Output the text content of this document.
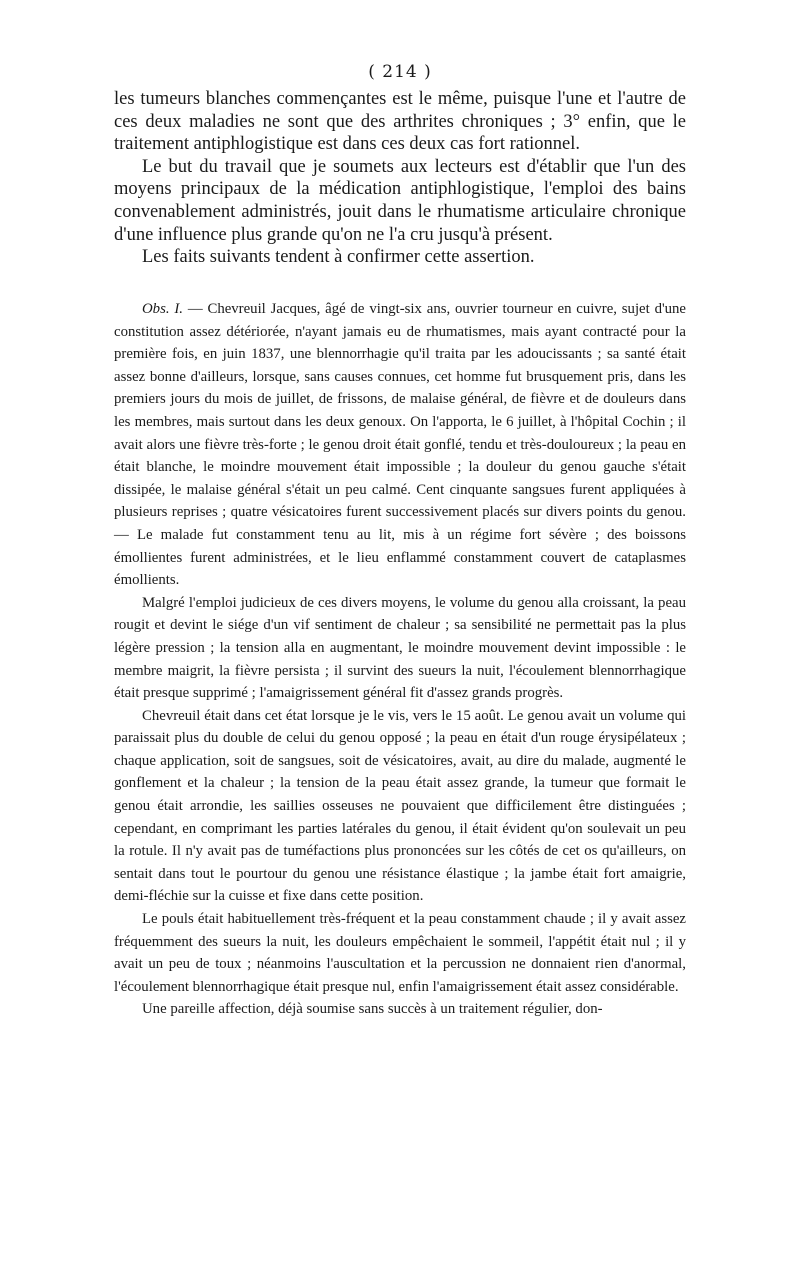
( 214 )

les tumeurs blanches commençantes est le même, puisque l'une et l'autre de ces deux maladies ne sont que des arthrites chroniques ; 3° enfin, que le traitement antiphlogistique est dans ces deux cas fort rationnel.

Le but du travail que je soumets aux lecteurs est d'établir que l'un des moyens principaux de la médication antiphlogistique, l'emploi des bains convenablement administrés, jouit dans le rhumatisme articulaire chronique d'une influence plus grande qu'on ne l'a cru jusqu'à présent.

Les faits suivants tendent à confirmer cette assertion.

Obs. I. — Chevreuil Jacques, âgé de vingt-six ans, ouvrier tourneur en cuivre, sujet d'une constitution assez détériorée, n'ayant jamais eu de rhumatismes, mais ayant contracté pour la première fois, en juin 1837, une blennorrhagie qu'il traita par les adoucissants ; sa santé était assez bonne d'ailleurs, lorsque, sans causes connues, cet homme fut brusquement pris, dans les premiers jours du mois de juillet, de frissons, de malaise général, de fièvre et de douleurs dans les membres, mais surtout dans les deux genoux. On l'apporta, le 6 juillet, à l'hôpital Cochin ; il avait alors une fièvre très-forte ; le genou droit était gonflé, tendu et très-douloureux ; la peau en était blanche, le moindre mouvement était impossible ; la douleur du genou gauche s'était dissipée, le malaise général s'était un peu calmé. Cent cinquante sangsues furent appliquées à plusieurs reprises ; quatre vésicatoires furent successivement placés sur divers points du genou. — Le malade fut constamment tenu au lit, mis à un régime fort sévère ; des boissons émollientes furent administrées, et le lieu enflammé constamment couvert de cataplasmes émollients.

Malgré l'emploi judicieux de ces divers moyens, le volume du genou alla croissant, la peau rougit et devint le siége d'un vif sentiment de chaleur ; sa sensibilité ne permettait pas la plus légère pression ; la tension alla en augmentant, le moindre mouvement devint impossible : le membre maigrit, la fièvre persista ; il survint des sueurs la nuit, l'écoulement blennorrhagique était presque supprimé ; l'amaigrissement général fit d'assez grands progrès.

Chevreuil était dans cet état lorsque je le vis, vers le 15 août. Le genou avait un volume qui paraissait plus du double de celui du genou opposé ; la peau en était d'un rouge érysipélateux ; chaque application, soit de sangsues, soit de vésicatoires, avait, au dire du malade, augmenté le gonflement et la chaleur ; la tension de la peau était assez grande, la tumeur que formait le genou était arrondie, les saillies osseuses ne pouvaient que difficilement être distinguées ; cependant, en comprimant les parties latérales du genou, il était évident qu'on soulevait un peu la rotule. Il n'y avait pas de tuméfactions plus prononcées sur les côtés de cet os qu'ailleurs, on sentait dans tout le pourtour du genou une résistance élastique ; la jambe était fort amaigrie, demi-fléchie sur la cuisse et fixe dans cette position.

Le pouls était habituellement très-fréquent et la peau constamment chaude ; il y avait assez fréquemment des sueurs la nuit, les douleurs empêchaient le sommeil, l'appétit était nul ; il y avait un peu de toux ; néanmoins l'auscultation et la percussion ne donnaient rien d'anormal, l'écoulement blennorrhagique était presque nul, enfin l'amaigrissement était assez considérable.

Une pareille affection, déjà soumise sans succès à un traitement régulier, don-
